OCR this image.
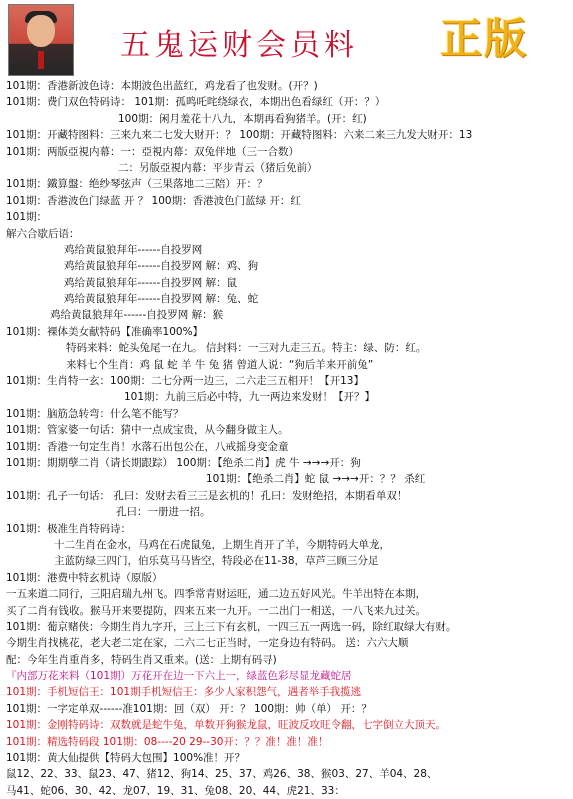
五鬼运财会员料 正版
101期：香港新波色诗：本期波色出蓝红，鸡龙看了也发财。(开？)
101期：费门双色特码诗： 101期：孤鸣吒咤绕绿衣，本期出色看绿红（开：？）
100期：闲月羞花十八九，本期再看狗猪羊。(开：红)
101期：开藏特图料：三来九来二七发大财开：？ 100期：开藏特图料：六来二来三九发大财开：13
101期：两版亞視内幕：一：亞視内幕：双兔伴地（三一合数）
二：另版亞視内幕：平步青云（猪后免前）
101期：鐵算盤：绝纱琴弦声（三果落地二三陪）开：？
101期：香港波色门绿蓝 开 ？ 100期：香港波色门蓝绿 开：红
101期：
解六合歇后语：
鸡给黄鼠狼拜年------自投罗网
鸡给黄鼠狼拜年------自投罗网 解：鸡、狗
鸡给黄鼠狼拜年------自投罗网 解：鼠
鸡给黄鼠狼拜年------自投罗网 解：兔、蛇
鸡给黄鼠狼拜年------自投罗网 解：猴
101期：裸体美女献特码【准确率100%】
特码来料：蛇头兔尾一在九。 信封料：一三对九走三五。特主：绿、防：红。
来料七个生肖：鸡 鼠 蛇 羊 牛 兔 猪 曾道人说：“狗后羊来开前兔”
101期：生肖特一玄：100期：二七分两一边三，二六走三五相开！【开13】
101期：九前三后必中特，九一两边来发财！【开？】
101期：脑筋急转弯：什么笔不能写？
101期：管家婆一句话：猜中一点成宝贵，从今翻身做主人。
101期：香港一句定生肖！水落石出包公在，八戒摇身变金童
101期：期期孽二肖（请长期跟踪） 100期：【绝杀二肖】虎 牛 →→→开：狗
101期：【绝杀二肖】蛇 鼠 →→→开：？？ 杀红
101期：孔子一句话： 孔曰：发财去看三三是玄机的！孔曰：发财绝招，本期看单双！
孔曰：一册进一招。
101期：极准生肖特码诗：
十二生肖在金水，马鸡在石虎鼠兔，上期生肖开了羊，今期特码大单龙，
主蓝防绿三四门，伯乐莫马马皆空，特段必在11-38，草芦三顾三分足
101期：港费中特玄机诗（原版）
一五来道二同行，三阳启瑞九州飞。四季常青财运旺，通二边五好风光。牛羊出特在本期，
买了二肖有钱收。猴马开来要提防，四来五来一九开。一二出门一相送，一八飞来九过关。
101期：葡京赌侠：今期生肖九字开，三上三下有玄机，一四三五一两选一码，除红取绿大有财。
今期生肖找桃花，老大老二定在家，二六二七正当时，一定身边有特码。 送：六六大顺
配：今年生肖重肖多，特码生肖又重来。(送：上期有码寻)
『内部万花来料（101期）万花开在边一下六上一，绿蓝色彩尽显龙藏蛇居
101期：手机短信王：101期手机短信王：多少人家积怨气，遇者举手我揽逃
101期：一字定单双------准101期：回（双） 开：？ 100期：帅（单） 开：？
101期：金刚特码诗：双数就是蛇牛兔，单数开狗猴龙鼠，旺波反攻旺令翻，七字倒立大顶天。
101期：精选特码段 101期：08----20 29--30开：？？准！准！准！
101期：黄大仙提供【特码大包围】100%准！开？
鼠12、22、33、鼠23、47、猪12、狗14、25、37、鸡26、38、猴03、27、羊04、28、
马41、蛇06、30、42、龙07、19、31、兔08、20、44、虎21、33：
